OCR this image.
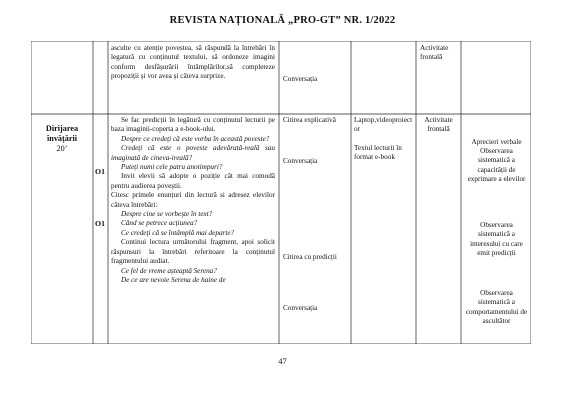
REVISTA NAȚIONALĂ „PRO-GT” NR. 1/2022

asculte cu atenție povestea, să răspundă la întrebări în legatură cu conținutul textului, să ordoneze imagini conform desfășurării întâmplărilor,să completeze propoziții și vor avea și câteva surprize.	Conversația
Activitate frontală
Dirijarea învățării
20’
O1
O1

Se fac predicții în legătură cu conținutul lecturii pe baza imaginii-coperta a e-book-ului.

Despre ce credeți că este vorba în această poveste?

Credeți că este o poveste adevărată-reală sau imaginată de cineva-ireală?

Puteți numi cele patru anotimpuri?

Invit elevii să adopte o poziție cât mai comodă pentru audierea poveștii.

Citesc primele enunțuri din lectură si adresez elevilor câteva întrebări:

Despre cine se vorbește în text?

Când se petrece acțiunea?

Ce credeți că se întâmplă mai departe?

Continui lectura următorului fragment, apoi solicit răspunsuri la întrebări referitoare la conținutul fragmentului audiat.

Ce fel de vreme așteaptă Serena?

De ce are nevoie Serena de haine de

Citirea explicativă
Conversația
Citirea cu predicții
Conversația
Laptop,videoproiector
Textul lecturii în format e-book
Activitate frontală
Aprecieri verbale
Observarea sistematică a capacității de exprimare a elevilor
Observarea sistematică a interesului cu care emit predicții
Observarea sistematică a comportamentului de ascultător
47
